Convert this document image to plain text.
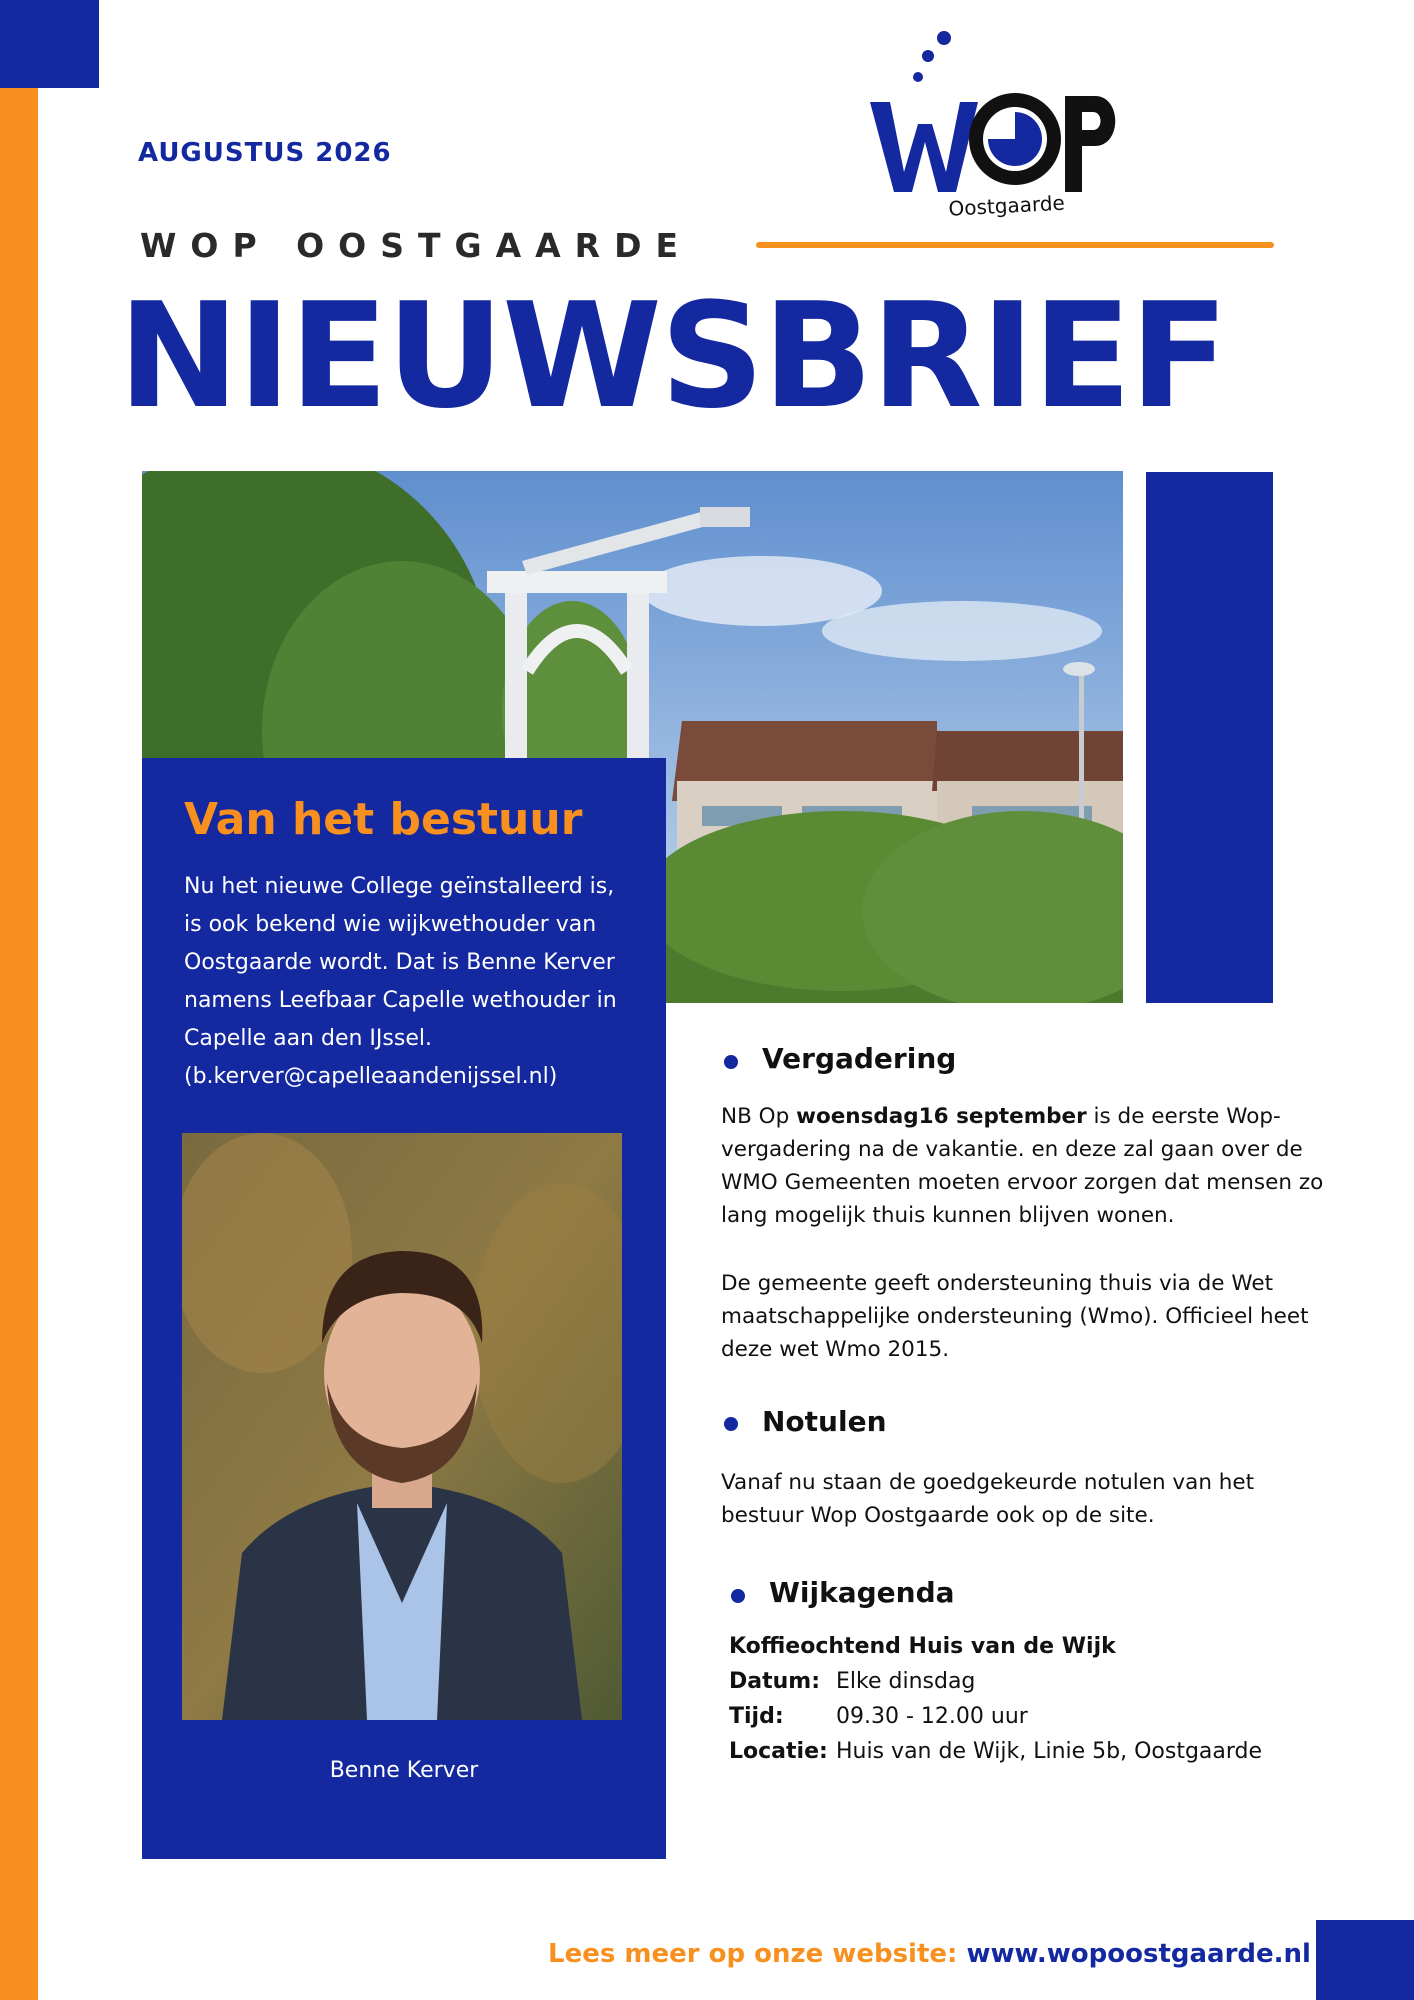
AUGUSTUS 2026
WOP OOSTGAARDE
NIEUWSBRIEF
Oostgaarde
Van het bestuur
Nu het nieuwe College geïnstalleerd is, is ook bekend wie wijkwethouder van Oostgaarde wordt. Dat is Benne Kerver namens Leefbaar Capelle wethouder in Capelle aan den IJssel. (b.kerver@capelleaandenijssel.nl)
Benne Kerver
Vergadering
NB Op woensdag16 september is de eerste Wop-vergadering na de vakantie. en deze zal gaan over de WMO Gemeenten moeten ervoor zorgen dat mensen zo lang mogelijk thuis kunnen blijven wonen.
De gemeente geeft ondersteuning thuis via de Wet maatschappelijke ondersteuning (Wmo). Officieel heet deze wet Wmo 2015.
Notulen
Vanaf nu staan de goedgekeurde notulen van het bestuur Wop Oostgaarde ook op de site.
Wijkagenda
Koffieochtend Huis van de Wijk
Datum: Elke dinsdag
Tijd: 09.30 - 12.00 uur
Locatie: Huis van de Wijk, Linie 5b, Oostgaarde
Lees meer op onze website: www.wopoostgaarde.nl
